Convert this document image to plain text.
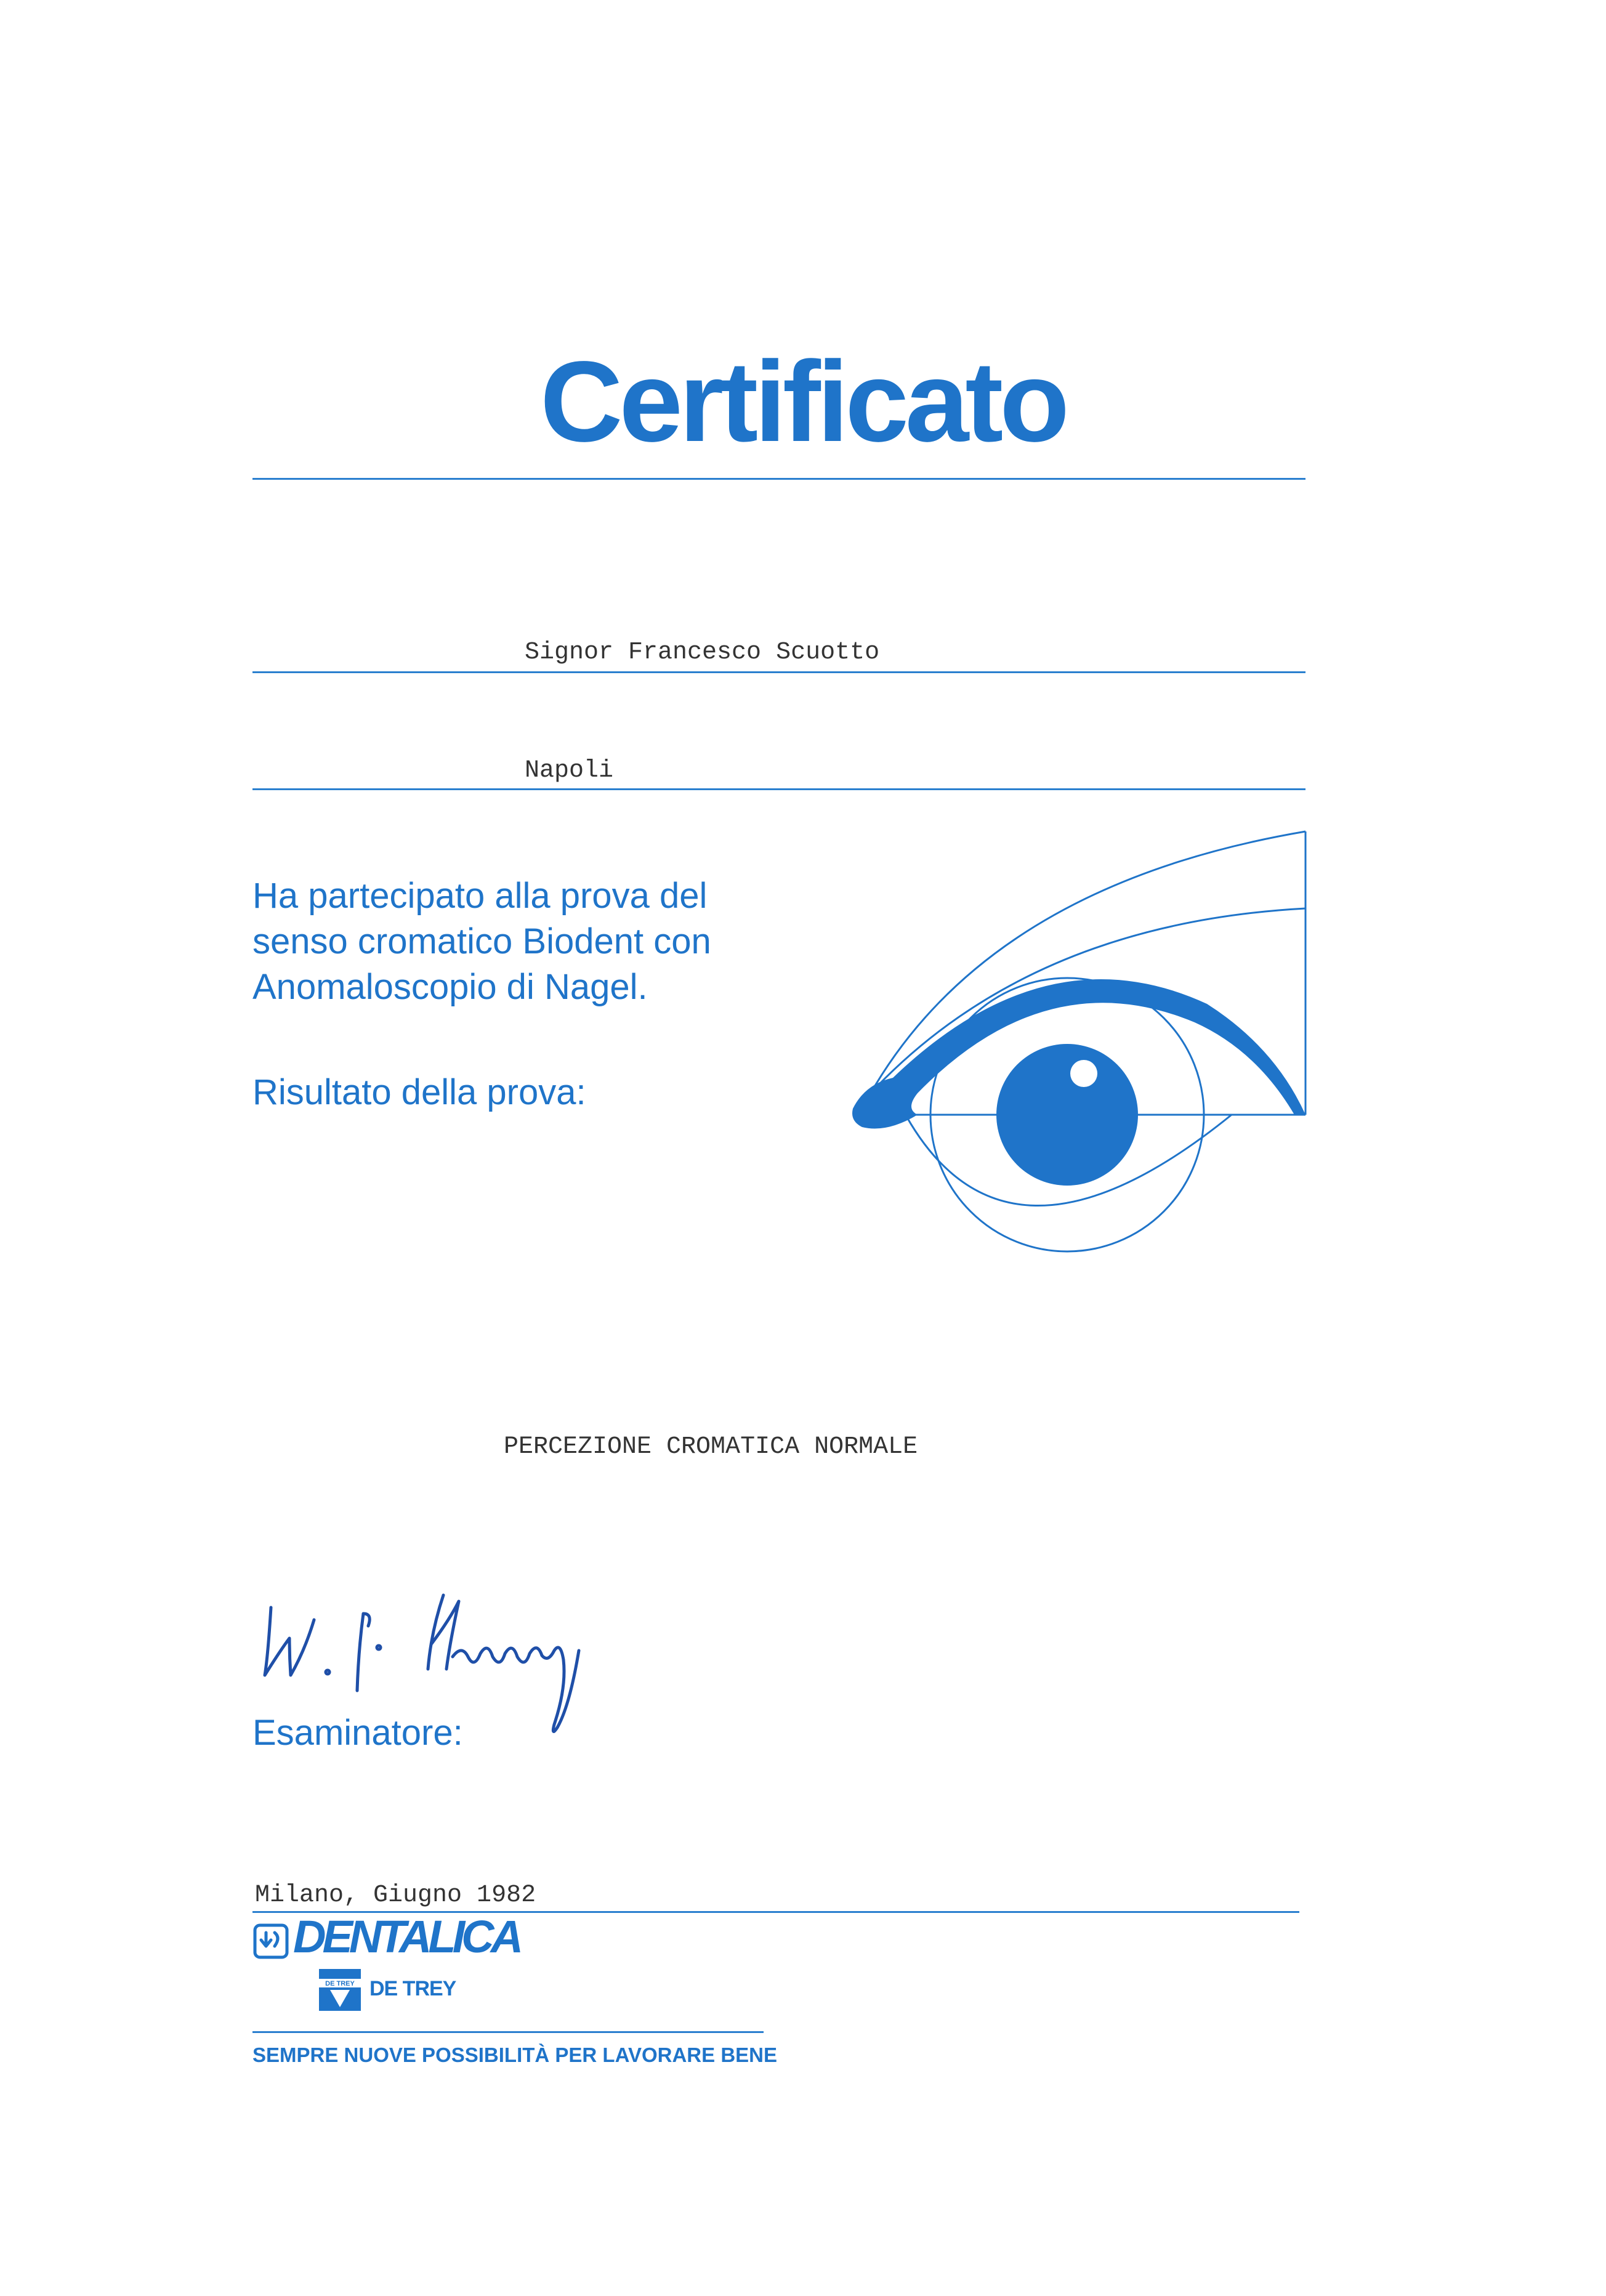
Certificato
Signor Francesco Scuotto
Napoli
Ha partecipato alla prova del
senso cromatico Biodent con
Anomaloscopio di Nagel.
Risultato della prova:
PERCEZIONE CROMATICA NORMALE
Esaminatore:
Milano, Giugno 1982
DENTALICA
DE TREY DE TREY
SEMPRE NUOVE POSSIBILITÀ PER LAVORARE BENE
